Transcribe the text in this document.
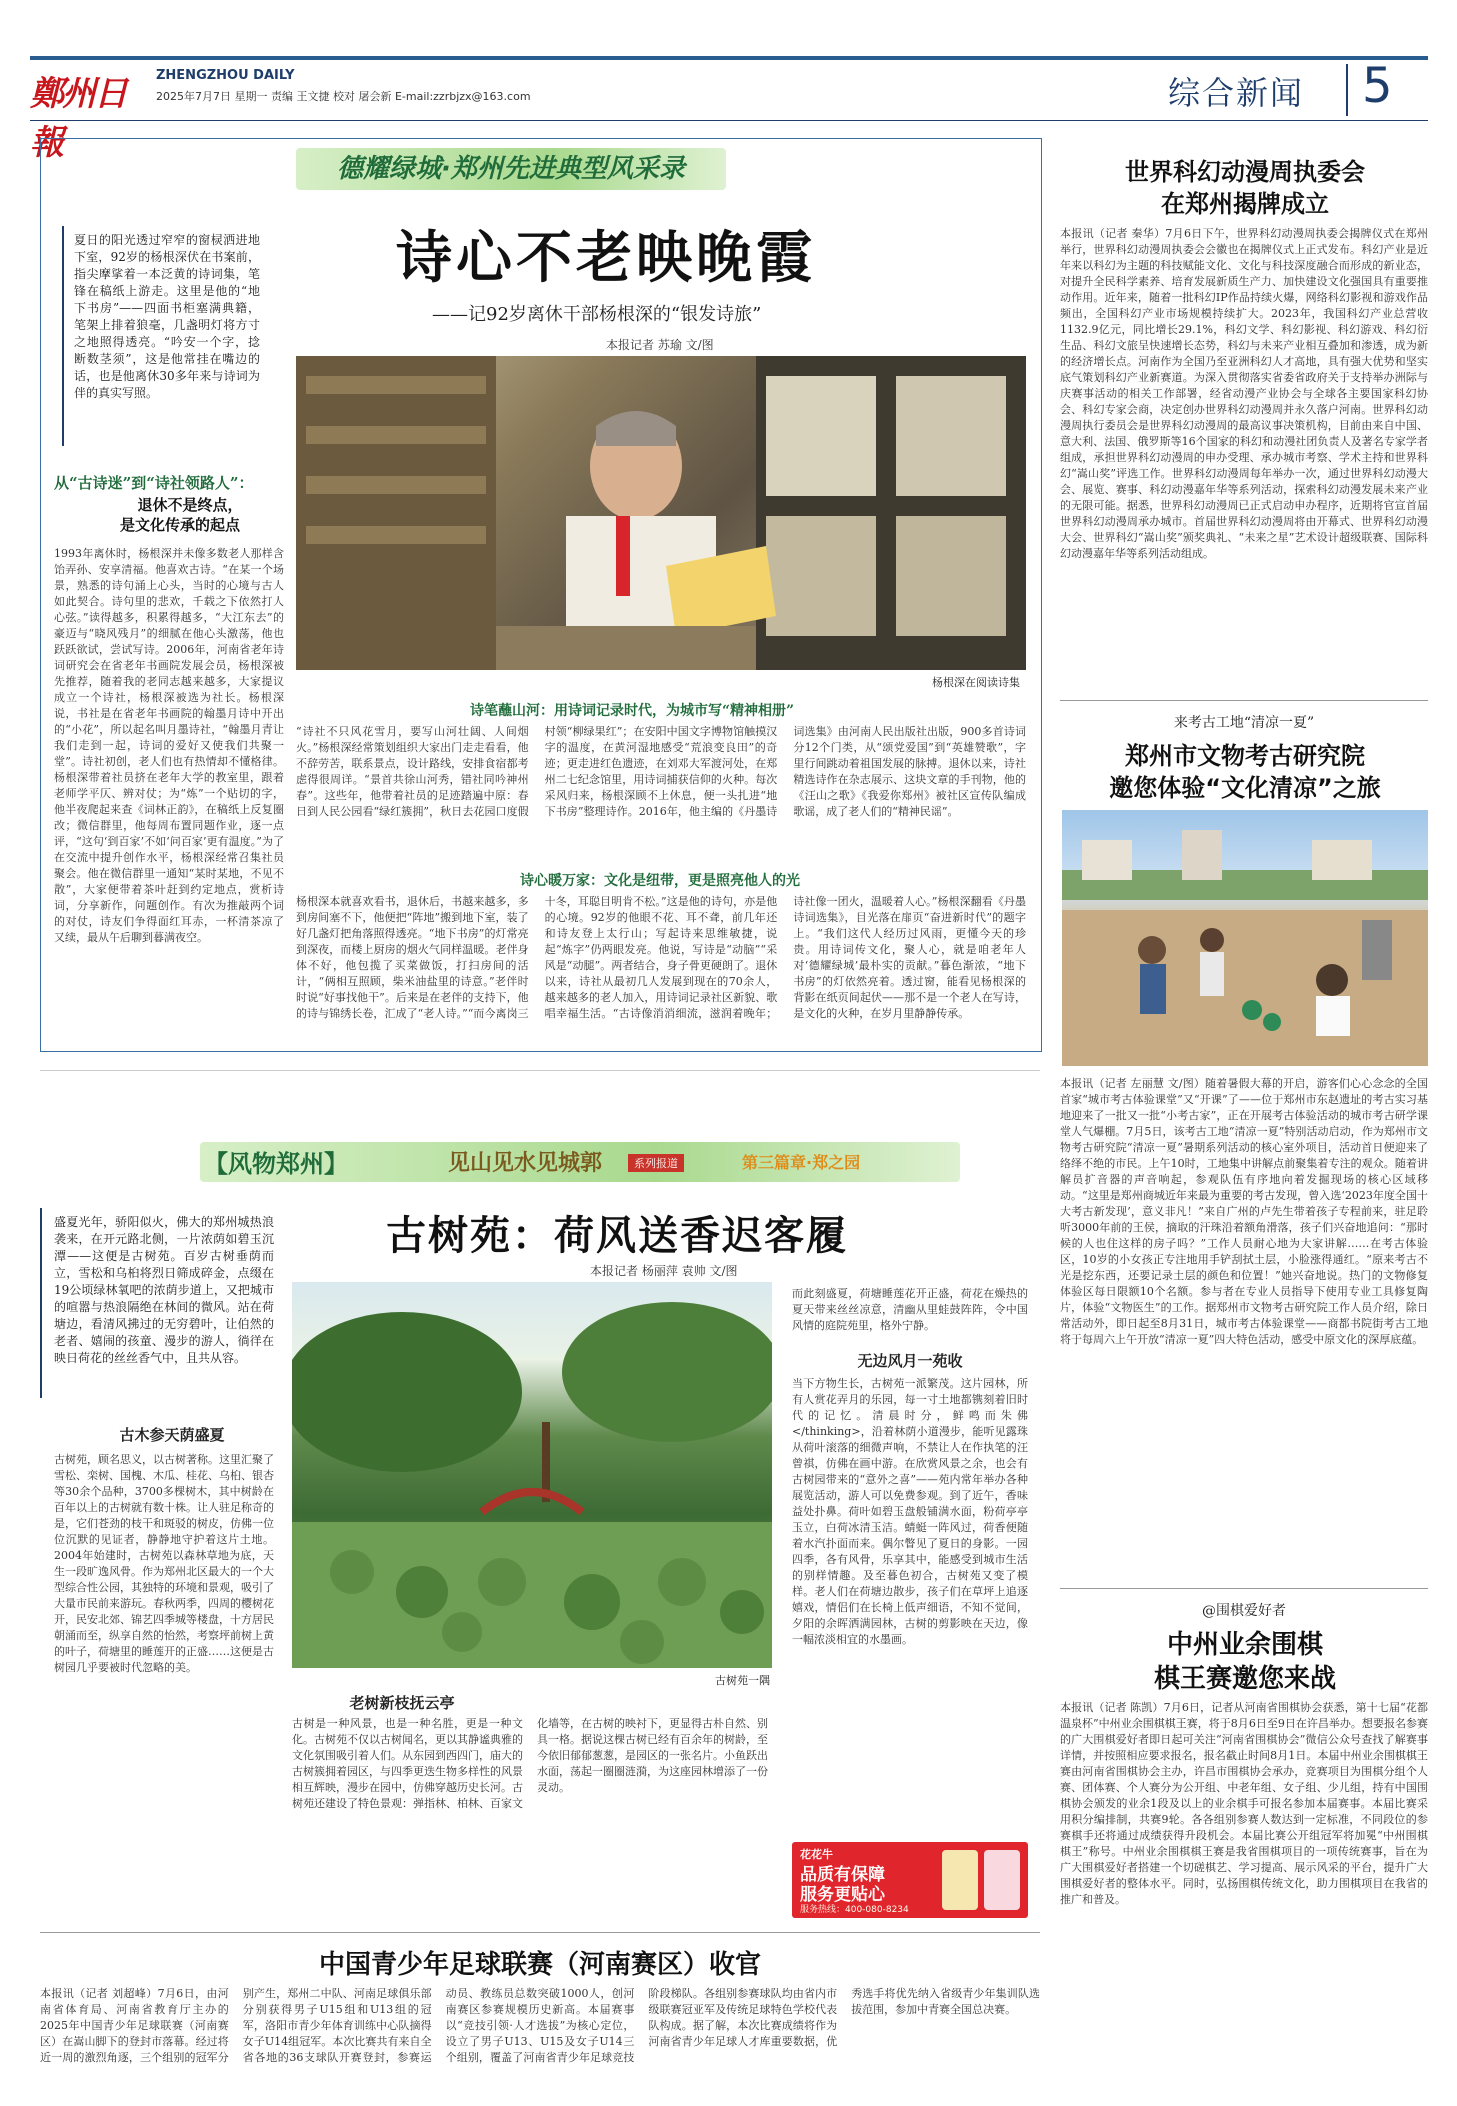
鄭州日報
ZHENGZHOU DAILY
2025年7月7日 星期一 责编 王文捷 校对 屠会新 E-mail:zzrbjzx@163.com	综合新闻 5
德耀绿城·郑州先进典型风采录
夏日的阳光透过窄窄的窗棂洒进地下室，92岁的杨根深伏在书案前，指尖摩挲着一本泛黄的诗词集，笔锋在稿纸上游走。这里是他的“地下书房”——四面书柜塞满典籍，笔架上排着狼毫，几盏明灯将方寸之地照得透亮。“吟安一个字，捻断数茎须”，这是他常挂在嘴边的话，也是他离休30多年来与诗词为伴的真实写照。
诗心不老映晚霞
——记92岁离休干部杨根深的“银发诗旅”
本报记者 苏瑜 文/图
杨根深在阅读诗集
从“古诗迷”到“诗社领路人”：
退休不是终点，
是文化传承的起点
1993年离休时，杨根深并未像多数老人那样含饴弄孙、安享清福。他喜欢古诗。“在某一个场景，熟悉的诗句涌上心头，当时的心境与古人如此契合。诗句里的悲欢，千载之下依然打人心弦。”读得越多，积累得越多，“大江东去”的豪迈与“晓风残月”的细腻在他心头激荡，他也跃跃欲试，尝试写诗。2006年，河南省老年诗词研究会在省老年书画院发展会员，杨根深被先推荐，随着我的老同志越来越多，大家提议成立一个诗社，杨根深被选为社长。杨根深说，书社是在省老年书画院的翰墨月诗中开出的“小花”，所以起名叫月墨诗社，“翰墨月青让我们走到一起，诗词的爱好又使我们共聚一堂”。诗社初创，老人们也有热情却不懂格律。杨根深带着社员挤在老年大学的教室里，跟着老师学平仄、辨对仗；为“炼”一个贴切的字，他半夜爬起来查《词林正韵》，在稿纸上反复圈改；微信群里，他每周布置同题作业，逐一点评，“这句‘到百家’不如‘问百家’更有温度。”为了在交流中提升创作水平，杨根深经常召集社员聚会。他在微信群里一通知“某时某地，不见不散”，大家便带着茶叶赶到约定地点，赏析诗词，分享新作，问题创作。有次为推敲两个词的对仗，诗友们争得面红耳赤，一杯清茶凉了又续，最从午后聊到暮满夜空。
诗笔蘸山河：用诗词记录时代，为城市写“精神相册”
“诗社不只风花雪月，要写山河壮阔、人间烟火。”杨根深经常策划组织大家出门走走看看，他不辞劳苦，联系景点，设计路线，安排食宿都考虑得很周详。“景首共徐山河秀，错社同吟神州春”。这些年，他带着社员的足迹踏遍中原：春日到人民公园看“绿红簇拥”，秋日去花园口度假村领“柳绿果红”；在安阳中国文字博物馆触摸汉字的温度，在黄河湿地感受“荒浪变良田”的奇迹；更走进红色遗迹，在刘邓大军渡河处，在郑州二七纪念馆里，用诗词捕获信仰的火种。每次采风归来，杨根深顾不上休息，便一头扎进“地下书房”整理诗作。2016年，他主编的《丹墨诗词选集》由河南人民出版社出版，900多首诗词分12个门类，从“颂党爱国”到“英雄赞歌”，字里行间跳动着祖国发展的脉搏。退休以来，诗社精选诗作在杂志展示、这块文章的手刊物，他的《汪山之歌》《我爱你郑州》被社区宣传队编成歌谣，成了老人们的“精神民谣”。
诗心暖万家：文化是纽带，更是照亮他人的光
杨根深本就喜欢看书，退休后，书越来越多，多到房间塞不下，他便把“阵地”搬到地下室，装了好几盏灯把角落照得透亮。“地下书房”的灯常亮到深夜，而楼上厨房的烟火气同样温暖。老伴身体不好，他包揽了买菜做饭，打扫房间的活计，“俩相互照顾，柴米油盐里的诗意。”老伴时时说“好事找他干”。后来是在老伴的支持下，他的诗与锦绣长卷，汇成了“老人诗。”“而今离岗三十冬，耳聪目明肯不松。”这是他的诗句，亦是他的心境。92岁的他眼不花、耳不聋，前几年还和诗友登上太行山；写起诗来思维敏捷，说起“炼字”仍两眼发亮。他说，写诗是“动脑”“采风是“动腿”。两者结合，身子骨更硬朗了。退休以来，诗社从最初几人发展到现在的70余人，越来越多的老人加入，用诗词记录社区新貌、歌唱幸福生活。“古诗像消消细流，滋润着晚年；诗社像一团火，温暖着人心。”杨根深翻看《丹墨诗词选集》，目光落在扉页“奋进新时代”的题字上。“我们这代人经历过风雨，更懂今天的珍贵。用诗词传文化，聚人心，就是咱老年人对‘德耀绿城’最朴实的贡献。”暮色渐浓，“地下书房”的灯依然亮着。透过窗，能看见杨根深的背影在纸页间起伏——那不是一个老人在写诗，是文化的火种，在岁月里静静传承。
世界科幻动漫周执委会
在郑州揭牌成立
本报讯（记者 秦华）7月6日下午，世界科幻动漫周执委会揭牌仪式在郑州举行，世界科幻动漫周执委会会徽也在揭牌仪式上正式发布。科幻产业是近年来以科幻为主题的科技赋能文化、文化与科技深度融合而形成的新业态，对提升全民科学素养、培育发展新质生产力、加快建设文化强国具有重要推动作用。近年来，随着一批科幻IP作品持续火爆，网络科幻影视和游戏作品频出，全国科幻产业市场规模持续扩大。2023年，我国科幻产业总营收1132.9亿元，同比增长29.1%，科幻文学、科幻影视、科幻游戏、科幻衍生品、科幻文旅呈快速增长态势，科幻与未来产业相互叠加和渗透，成为新的经济增长点。河南作为全国乃至亚洲科幻人才高地，具有强大优势和坚实底气策划科幻产业新赛道。为深入贯彻落实省委省政府关于支持举办洲际与庆赛事活动的相关工作部署，经省动漫产业协会与全球各主要国家科幻协会、科幻专家会商，决定创办世界科幻动漫周并永久落户河南。世界科幻动漫周执行委员会是世界科幻动漫周的最高议事决策机构，目前由来自中国、意大利、法国、俄罗斯等16个国家的科幻和动漫社团负责人及著名专家学者组成，承担世界科幻动漫周的申办受理、承办城市考察、学术主持和世界科幻“嵩山奖”评选工作。世界科幻动漫周每年举办一次，通过世界科幻动漫大会、展览、赛事、科幻动漫嘉年华等系列活动，探索科幻动漫发展未来产业的无限可能。据悉，世界科幻动漫周已正式启动申办程序，近期将官宣首届世界科幻动漫周承办城市。首届世界科幻动漫周将由开幕式、世界科幻动漫大会、世界科幻“嵩山奖”颁奖典礼、“未来之星”艺术设计超级联赛、国际科幻动漫嘉年华等系列活动组成。
来考古工地“清凉一夏”
郑州市文物考古研究院
邀您体验“文化清凉”之旅
本报讯（记者 左丽慧 文/图）随着暑假大幕的开启，游客们心心念念的全国首家“城市考古体验课堂”又“开课”了——位于郑州市东赵遗址的考古实习基地迎来了一批又一批“小考古家”，正在开展考古体验活动的城市考古研学课堂人气爆棚。7月5日，该考古工地“清凉一夏”特别活动启动，作为郑州市文物考古研究院“清凉一夏”暑期系列活动的核心室外项目，活动首日便迎来了络绎不绝的市民。上午10时，工地集中讲解点前聚集着专注的观众。随着讲解员扩音器的声音响起，参观队伍有序地向着发掘现场的核心区域移动。“这里是郑州商城近年来最为重要的考古发现，曾入选‘2023年度全国十大考古新发现’，意义非凡！”来自广州的卢先生带着孩子专程前来，驻足聆听3000年前的王侯，摘取的汗珠沿着额角滑落，孩子们兴奋地追问：“那时候的人也住这样的房子吗？”工作人员耐心地为大家讲解……在考古体验区，10岁的小女孩正专注地用手铲刮拭土层，小脸涨得通红。“原来考古不光是挖东西，还要记录土层的颜色和位置！”她兴奋地说。热门的文物修复体验区每日限额10个名额。参与者在专业人员指导下使用专业工具修复陶片，体验“文物医生”的工作。据郑州市文物考古研究院工作人员介绍，除日常活动外，即日起至8月31日，城市考古体验课堂——商都书院街考古工地将于每周六上午开放“清凉一夏”四大特色活动，感受中原文化的深厚底蕴。
@围棋爱好者
中州业余围棋
棋王赛邀您来战
本报讯（记者 陈凯）7月6日，记者从河南省围棋协会获悉，第十七届“花都温泉杯”中州业余围棋棋王赛，将于8月6日至9日在许昌举办。想要报名参赛的广大围棋爱好者即日起可关注“河南省围棋协会”微信公众号查找了解赛事详情，并按照相应要求报名，报名截止时间8月1日。本届中州业余围棋棋王赛由河南省围棋协会主办，许昌市围棋协会承办，竞赛项目为围棋分组个人赛、团体赛、个人赛分为公开组、中老年组、女子组、少儿组，持有中国围棋协会颁发的业余1段及以上的业余棋手可报名参加本届赛事。本届比赛采用积分编排制，共赛9轮。各各组别参赛人数达到一定标准，不同段位的参赛棋手还将通过成绩获得升段机会。本届比赛公开组冠军将加冕“中州围棋棋王”称号。中州业余围棋棋王赛是我省围棋项目的一项传统赛事，旨在为广大围棋爱好者搭建一个切磋棋艺、学习提高、展示风采的平台，提升广大围棋爱好者的整体水平。同时，弘扬围棋传统文化，助力围棋项目在我省的推广和普及。
【风物郑州】	见山见水见城郭	系列报道	第三篇章·郑之园
盛夏光年，骄阳似火，佛大的郑州城热浪袭来，在开元路北侧，一片浓荫如碧玉沉潭——这便是古树苑。百岁古树垂荫而立，雪松和乌桕将烈日筛成碎金，点缀在19公顷绿林氧吧的浓荫步道上，又把城市的喧嚣与热浪隔绝在林间的微风。站在荷塘边，看清风拂过的无穷碧叶，让伯然的老者、嬉闹的孩童、漫步的游人，徜徉在映日荷花的丝丝香气中，且共从容。
古树苑：荷风送香迟客履
本报记者 杨丽萍 袁帅 文/图
古木参天荫盛夏
古树苑，顾名思义，以古树著称。这里汇聚了雪松、栾树、国槐、木瓜、桂花、乌桕、银杏等30余个品种，3700多棵树木，其中树龄在百年以上的古树就有数十株。让人驻足称奇的是，它们苍劲的枝干和斑驳的树皮，仿佛一位位沉默的见证者，静静地守护着这片土地。2004年始建时，古树苑以森林草地为底，天生一段旷逸风骨。作为郑州北区最大的一个大型综合性公园，其独特的环境和景观，吸引了大量市民前来游玩。春秋两季，四周的樱树花开，民安北郊、锦艺四季城等楼盘，十方居民朝涌而至，纵享自然的怡然，考察坪前树上黄的叶子，荷塘里的睡莲开的正盛……这便是古树园几乎要被时代忽略的美。
古树苑一隅
老树新枝抚云亭
古树是一种风景，也是一种名胜，更是一种文化。古树苑不仅以古树闻名，更以其静谧典雅的文化氛围吸引着人们。从东园到西四门，庙大的古树簇拥着园区，与四季更迭生物多样性的风景相互辉映，漫步在园中，仿佛穿越历史长河。古树苑还建设了特色景观：弹指林、柏林、百家文化墙等，在古树的映衬下，更显得古朴自然、别具一格。据说这棵古树已经有百余年的树龄，至今依旧郁郁葱葱，是园区的一张名片。小鱼跃出水面，荡起一圈圈涟漪，为这座园林增添了一份灵动。
而此刻盛夏，荷塘睡莲花开正盛，荷花在燥热的夏天带来丝丝凉意，清幽从里蛙鼓阵阵，令中国风情的庭院苑里，格外宁静。
无边风月一苑收
当下方物生长，古树苑一派繁茂。这片园林，所有人赏花弄月的乐园，每一寸土地都镌刻着旧时代的记忆。清晨时分，鲜鸣而朱佛</thinking>，沿着林荫小道漫步，能听见露珠从荷叶滚落的细微声响，不禁让人在作执笔的汪曾祺，仿佛在画中游。在欣赏风景之余，也会有古树园带来的“意外之喜”——苑内常年举办各种展览活动，游人可以免费参观。到了近午，香味益处扑鼻。荷叶如碧玉盘般铺满水面，粉荷亭亭玉立，白荷冰清玉洁。蜻蜓一阵风过，荷香便随着水汽扑面而来。偶尔瞥见了夏日的身影。一园四季，各有风骨，乐享其中，能感受到城市生活的别样情趣。及至暮色初合，古树苑又变了模样。老人们在荷塘边散步，孩子们在草坪上追逐嬉戏，情侣们在长椅上低声细语，不知不觉间，夕阳的余晖洒满园林，古树的剪影映在天边，像一幅浓淡相宜的水墨画。
花花牛
品质有保障
服务更贴心
服务热线：400-080-8234
中国青少年足球联赛（河南赛区）收官
本报讯（记者 刘超峰）7月6日，由河南省体育局、河南省教育厅主办的2025年中国青少年足球联赛（河南赛区）在嵩山脚下的登封市落幕。经过将近一周的激烈角逐，三个组别的冠军分别产生，郑州二中队、河南足球俱乐部分别获得男子U15组和U13组的冠军，洛阳市青少年体育训练中心队摘得女子U14组冠军。本次比赛共有来自全省各地的36支球队开赛登封，参赛运动员、教练员总数突破1000人，创河南赛区参赛规模历史新高。本届赛事以“竞技引领·人才选拔”为核心定位，设立了男子U13、U15及女子U14三个组别，覆盖了河南省青少年足球竞技阶段梯队。各组别参赛球队均由省内市级联赛冠亚军及传统足球特色学校代表队构成。据了解，本次比赛成绩将作为河南省青少年足球人才库重要数据，优秀选手将优先纳入省级青少年集训队选拔范围，参加中青赛全国总决赛。
